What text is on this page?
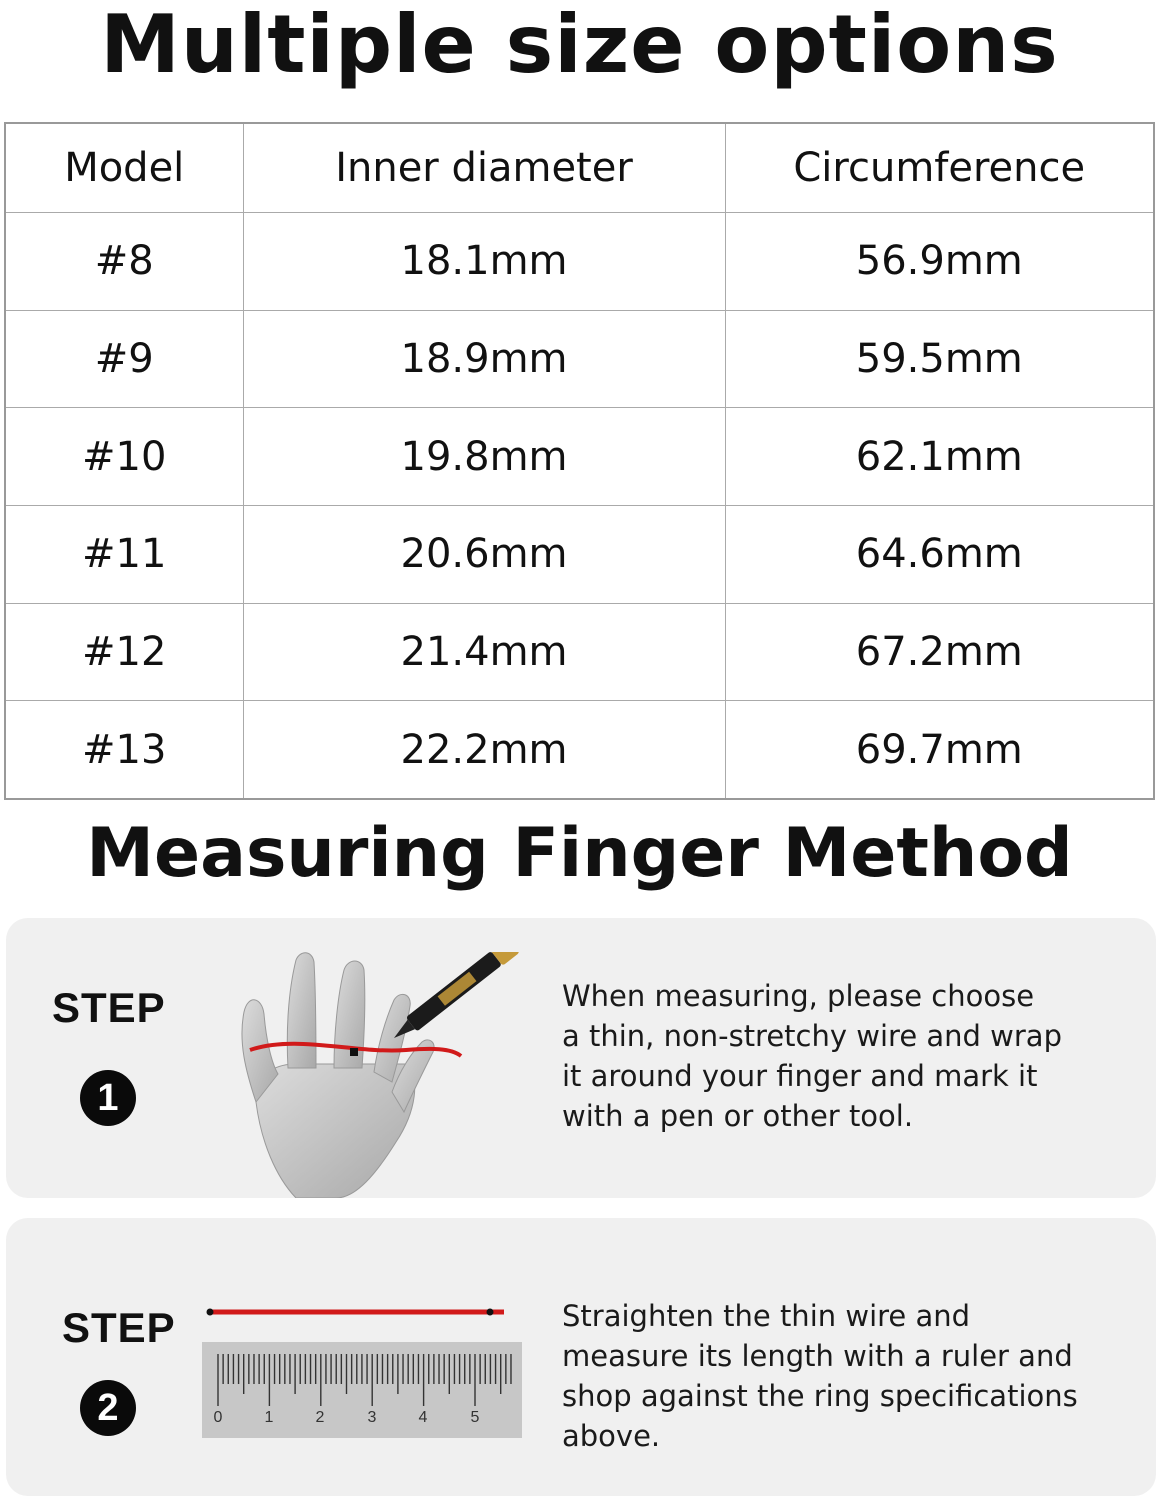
Multiple size options
Model	Inner diameter	Circumference
#8	18.1mm	56.9mm
#9	18.9mm	59.5mm
#10	19.8mm	62.1mm
#11	20.6mm	64.6mm
#12	21.4mm	67.2mm
#13	22.2mm	69.7mm
Measuring Finger Method
STEP
1

When measuring, please choose
a thin, non-stretchy wire and wrap
it around your finger and mark it
with a pen or other tool.

STEP
2	0	1	2	3	4	5

Straighten the thin wire and
measure its length with a ruler and
shop against the ring specifications
above.
